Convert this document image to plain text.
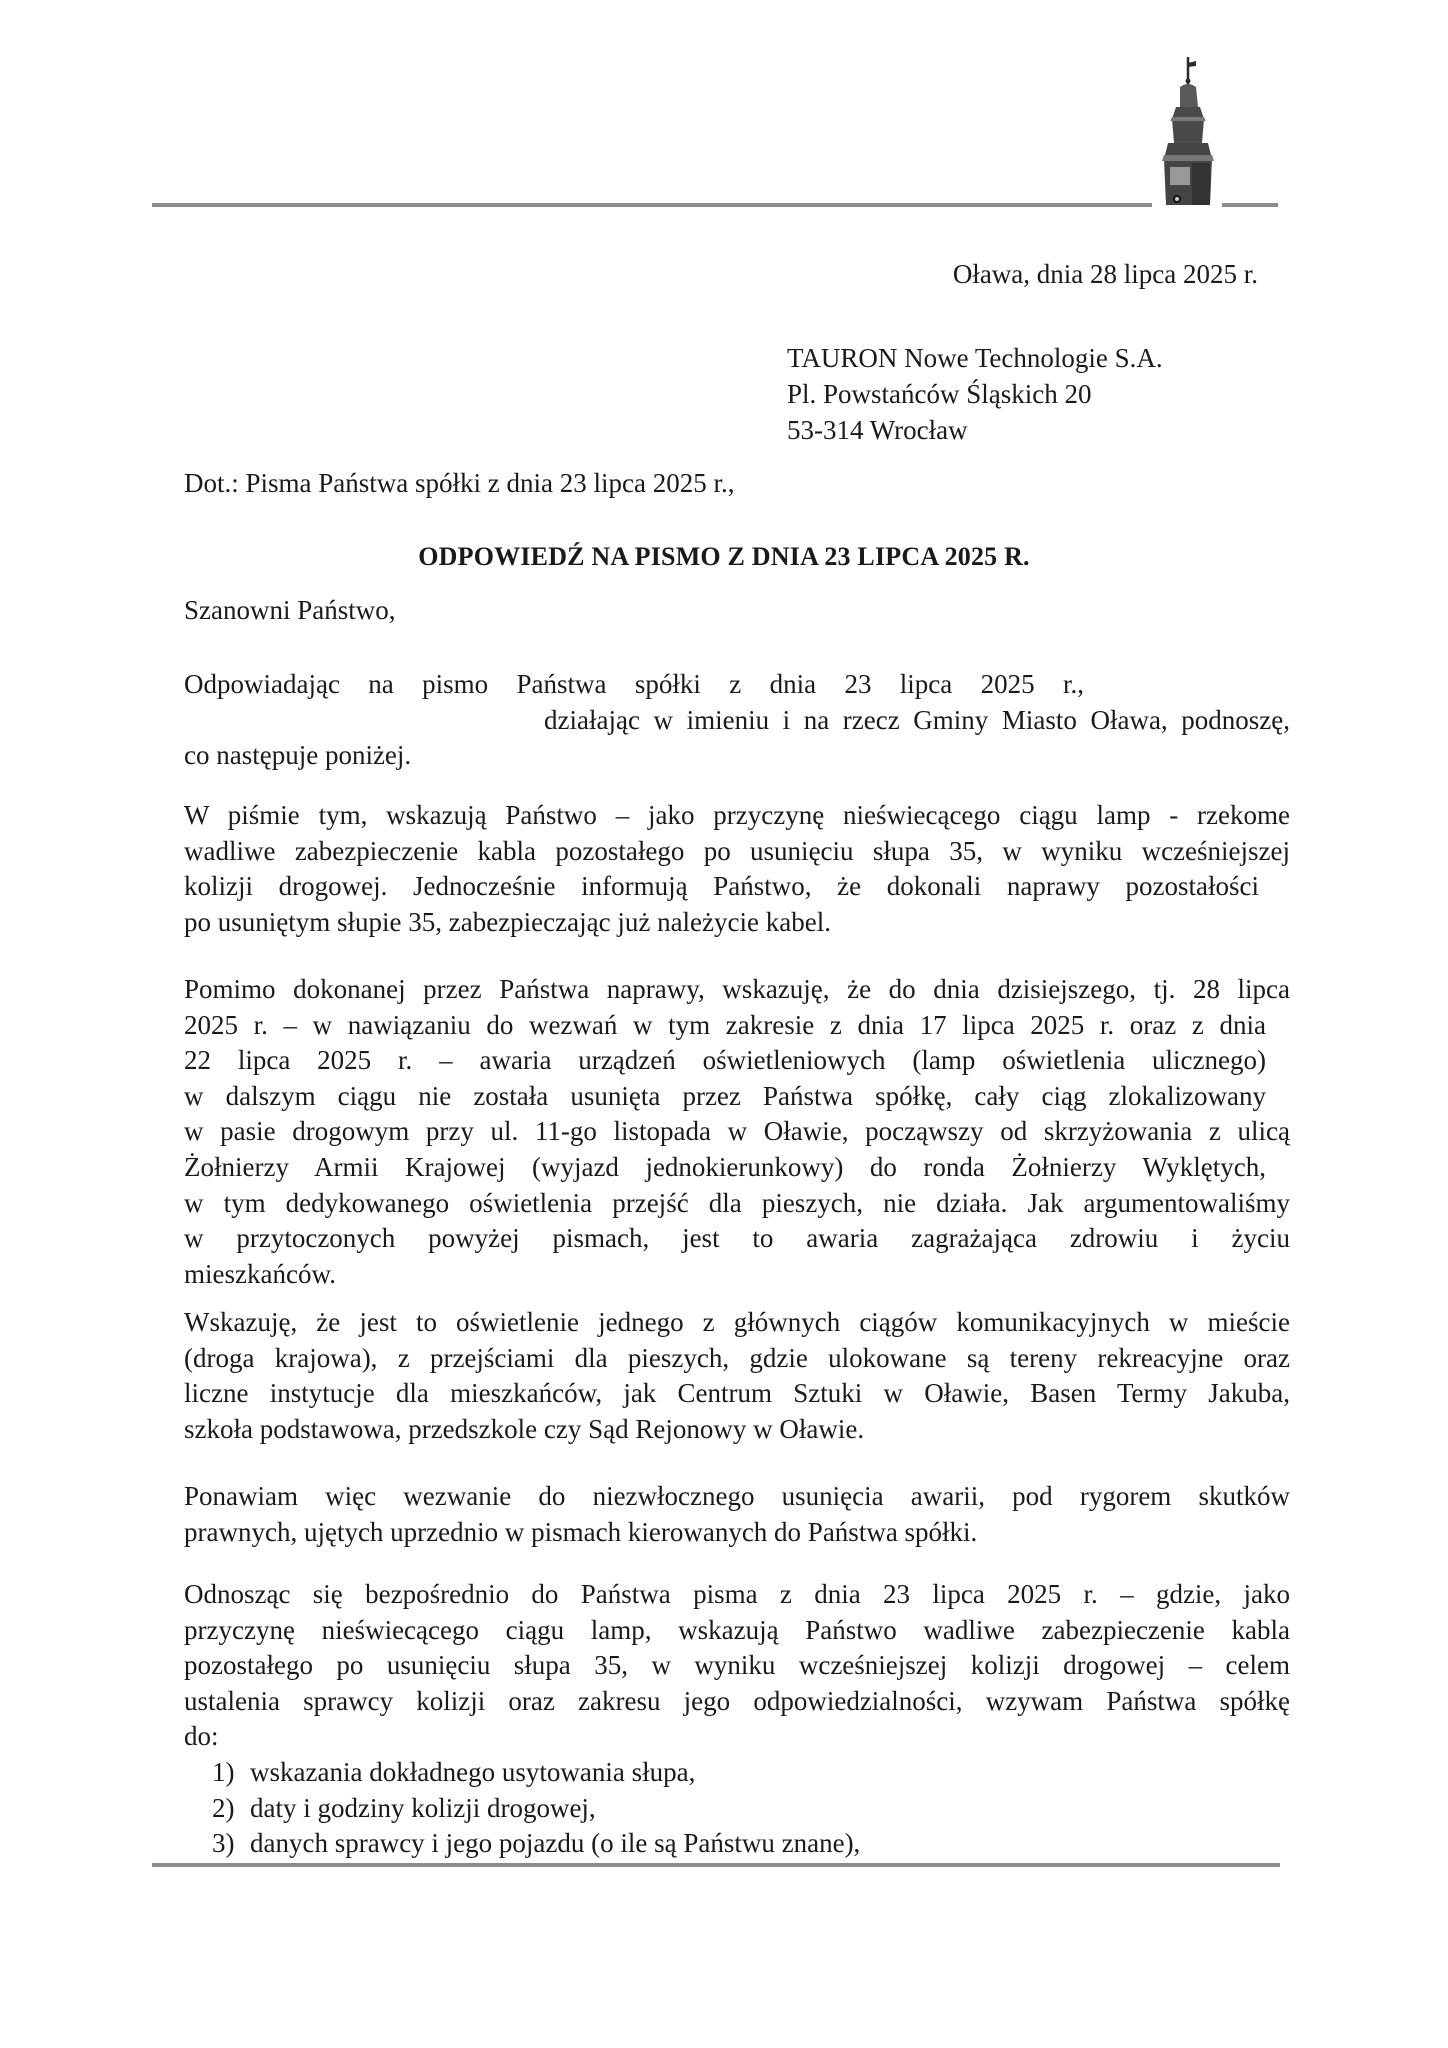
Oława, dnia 28 lipca 2025 r.
TAURON Nowe Technologie S.A.
Pl. Powstańców Śląskich 20
53-314 Wrocław
Dot.: Pisma Państwa spółki z dnia 23 lipca 2025 r.,
ODPOWIEDŹ NA PISMO Z DNIA 23 LIPCA 2025 R.
Szanowni Państwo,
Odpowiadając na pismo Państwa spółki z dnia 23 lipca 2025 r.,
działając w imieniu i na rzecz Gminy Miasto Oława, podnoszę,
co następuje poniżej.
W piśmie tym, wskazują Państwo – jako przyczynę nieświecącego ciągu lamp - rzekome
wadliwe zabezpieczenie kabla pozostałego po usunięciu słupa 35, w wyniku wcześniejszej
kolizji drogowej. Jednocześnie informują Państwo, że dokonali naprawy pozostałości
po usuniętym słupie 35, zabezpieczając już należycie kabel.
Pomimo dokonanej przez Państwa naprawy, wskazuję, że do dnia dzisiejszego, tj. 28 lipca
2025 r. – w nawiązaniu do wezwań w tym zakresie z dnia 17 lipca 2025 r. oraz z dnia
22 lipca 2025 r. – awaria urządzeń oświetleniowych (lamp oświetlenia ulicznego)
w dalszym ciągu nie została usunięta przez Państwa spółkę, cały ciąg zlokalizowany
w pasie drogowym przy ul. 11-go listopada w Oławie, począwszy od skrzyżowania z ulicą
Żołnierzy Armii Krajowej (wyjazd jednokierunkowy) do ronda Żołnierzy Wyklętych,
w tym dedykowanego oświetlenia przejść dla pieszych, nie działa. Jak argumentowaliśmy
w przytoczonych powyżej pismach, jest to awaria zagrażająca zdrowiu i życiu
mieszkańców.
Wskazuję, że jest to oświetlenie jednego z głównych ciągów komunikacyjnych w mieście
(droga krajowa), z przejściami dla pieszych, gdzie ulokowane są tereny rekreacyjne oraz
liczne instytucje dla mieszkańców, jak Centrum Sztuki w Oławie, Basen Termy Jakuba,
szkoła podstawowa, przedszkole czy Sąd Rejonowy w Oławie.
Ponawiam więc wezwanie do niezwłocznego usunięcia awarii, pod rygorem skutków
prawnych, ujętych uprzednio w pismach kierowanych do Państwa spółki.
Odnosząc się bezpośrednio do Państwa pisma z dnia 23 lipca 2025 r. – gdzie, jako
przyczynę nieświecącego ciągu lamp, wskazują Państwo wadliwe zabezpieczenie kabla
pozostałego po usunięciu słupa 35, w wyniku wcześniejszej kolizji drogowej – celem
ustalenia sprawcy kolizji oraz zakresu jego odpowiedzialności, wzywam Państwa spółkę
do:
1) wskazania dokładnego usytowania słupa,
2) daty i godziny kolizji drogowej,
3) danych sprawcy i jego pojazdu (o ile są Państwu znane),
